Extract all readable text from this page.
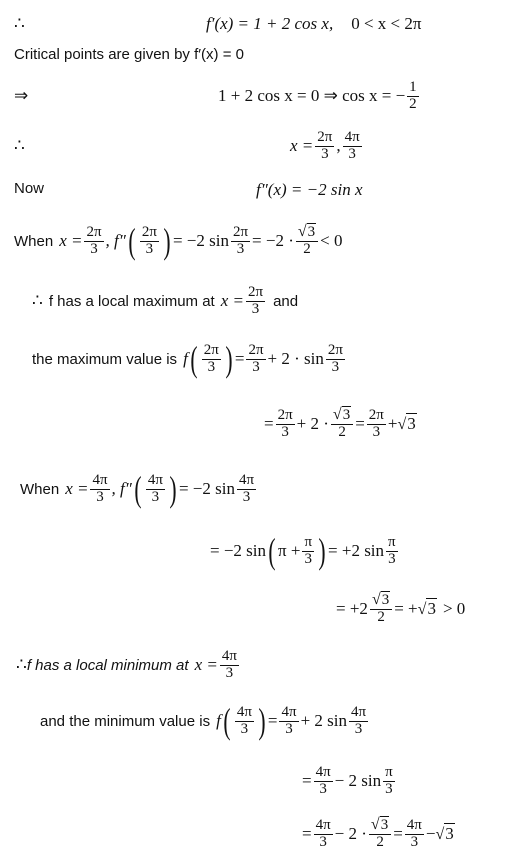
∴	f′(x) = 1 + 2 cos x, 0 < x < 2π
Critical points are given by f′(x) = 0
⇒	1 + 2 cos x = 0 ⇒ cos x = − $\frac{1}{2}$
∴	$x = \frac{2\pi}{3}$ , $\frac{4\pi}{3}$
Now	f″(x) = −2 sin x
When $x = \frac{2\pi}{3}$ , f″ ( $\frac{2\pi}{3}$ ) = −2 $\sin \frac{2\pi}{3} = -2 \cdot \frac{√3}{2} < 0$
∴ f has a local maximum at $x = \frac{2\pi}{3}$ and
the maximum value is f ( $\frac{2\pi}{3}$ ) = $\frac{2\pi}{3} + 2 \cdot \sin \frac{2\pi}{3}$
= $\frac{2\pi}{3} + 2 \cdot \frac{√3}{2} = \frac{2\pi}{3} + √3$
When $x = \frac{4\pi}{3}$ , f″ ( $\frac{4\pi}{3}$ ) = −2 $\sin \frac{4\pi}{3}$
= −2 sin ( $\pi + \frac{\pi}{3}$ ) = +2 $\sin \frac{\pi}{3}$
= $+2 \frac{√3}{2}$ = + √3 > 0
∴ f has a local minimum at $x = \frac{4\pi}{3}$
and the minimum value is f ( $\frac{4\pi}{3}$ ) = $\frac{4\pi}{3} + 2$ $\sin \frac{4\pi}{3}$
= $\frac{4\pi}{3} - 2$ $\sin \frac{\pi}{3}$
= $\frac{4\pi}{3} - 2 \cdot \frac{√3}{2} = \frac{4\pi}{3} - √3$
